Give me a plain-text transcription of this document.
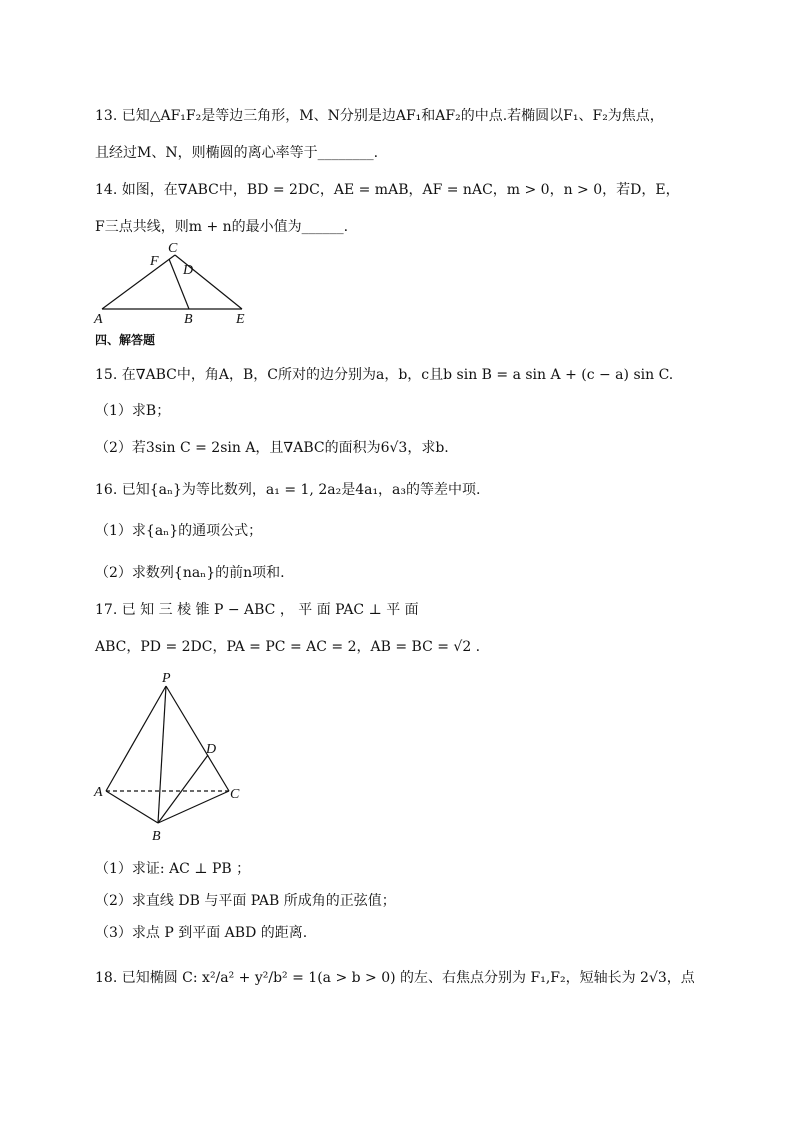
13. 已知△AF₁F₂是等边三角形，M、N分别是边AF₁和AF₂的中点.若椭圆以F₁、F₂为焦点，
且经过M、N，则椭圆的离心率等于________.
14. 如图，在∇ABC中，BD = 2DC，AE = mAB，AF = nAC，m > 0，n > 0，若D，E，
F三点共线，则m + n的最小值为______.
A	B	E
C
F
D
四、解答题
15. 在∇ABC中，角A，B，C所对的边分别为a，b，c且b sin B = a sin A + (c − a) sin C.
（1）求B；
（2）若3sin C = 2sin A，且∇ABC的面积为6√3，求b.
16. 已知{aₙ}为等比数列，a₁ = 1, 2a₂是4a₁，a₃的等差中项.
（1）求{aₙ}的通项公式；
（2）求数列{naₙ}的前n项和.
17. 已 知 三 棱 锥 P − ABC ， 平 面 PAC ⊥ 平 面
ABC，PD = 2DC，PA = PC = AC = 2，AB = BC = √2 .
P
A	C
B
D
（1）求证: AC ⊥ PB ；
（2）求直线 DB 与平面 PAB 所成角的正弦值；
（3）求点 P 到平面 ABD 的距离.
18. 已知椭圆 C: x²/a² + y²/b² = 1(a > b > 0) 的左、右焦点分别为 F₁,F₂，短轴长为 2√3，点
